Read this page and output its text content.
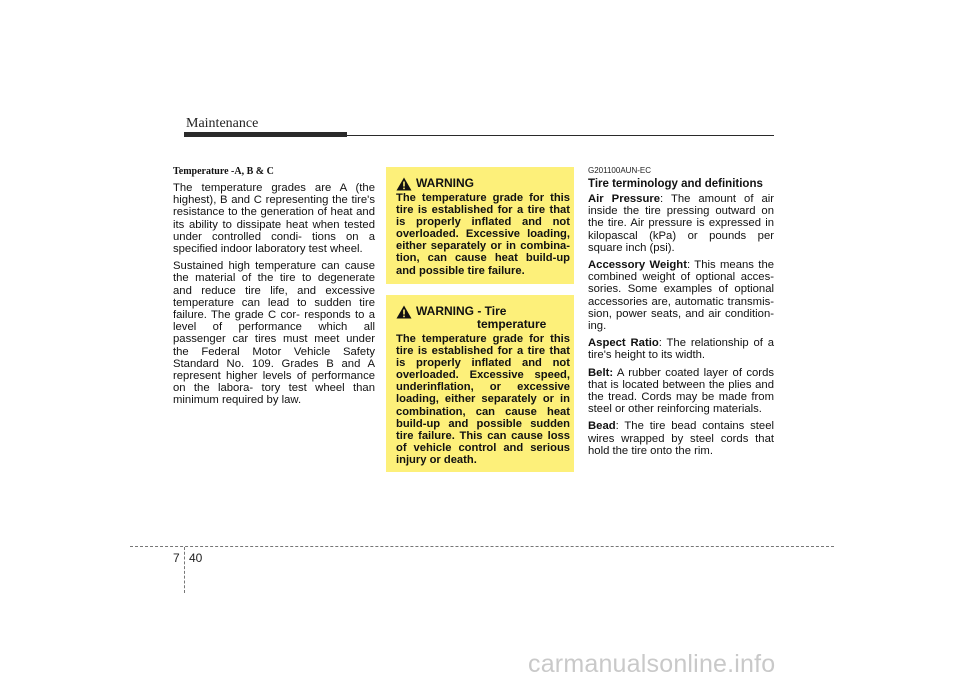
Maintenance

Temperature -A, B & C

The temperature grades are A (the highest), B and C representing the tire's resistance to the generation of heat and its ability to dissipate heat when tested under controlled condi- tions on a specified indoor laboratory test wheel.

Sustained high temperature can cause the material of the tire to degenerate and reduce tire life, and excessive temperature can lead to sudden tire failure. The grade C cor- responds to a level of performance which all passenger car tires must meet under the Federal Motor Vehicle Safety Standard No. 109. Grades B and A represent higher levels of performance on the labora- tory test wheel than minimum required by law.

WARNING
The temperature grade for this tire is established for a tire that is properly inflated and not overloaded. Excessive loading, either separately or in combina- tion, can cause heat build-up and possible tire failure.
WARNING - Tire
temperature
The temperature grade for this tire is established for a tire that is properly inflated and not overloaded. Excessive speed, underinflation, or excessive loading, either separately or in combination, can cause heat build-up and possible sudden tire failure. This can cause loss of vehicle control and serious injury or death.

G201100AUN-EC

Tire terminology and definitions

Air Pressure: The amount of air inside the tire pressing outward on the tire. Air pressure is expressed in kilopascal (kPa) or pounds per square inch (psi).

Accessory Weight: This means the combined weight of optional acces- sories. Some examples of optional accessories are, automatic transmis- sion, power seats, and air condition- ing.

Aspect Ratio: The relationship of a tire's height to its width.

Belt: A rubber coated layer of cords that is located between the plies and the tread. Cords may be made from steel or other reinforcing materials.

Bead: The tire bead contains steel wires wrapped by steel cords that hold the tire onto the rim.

7 40
carmanualsonline.info
